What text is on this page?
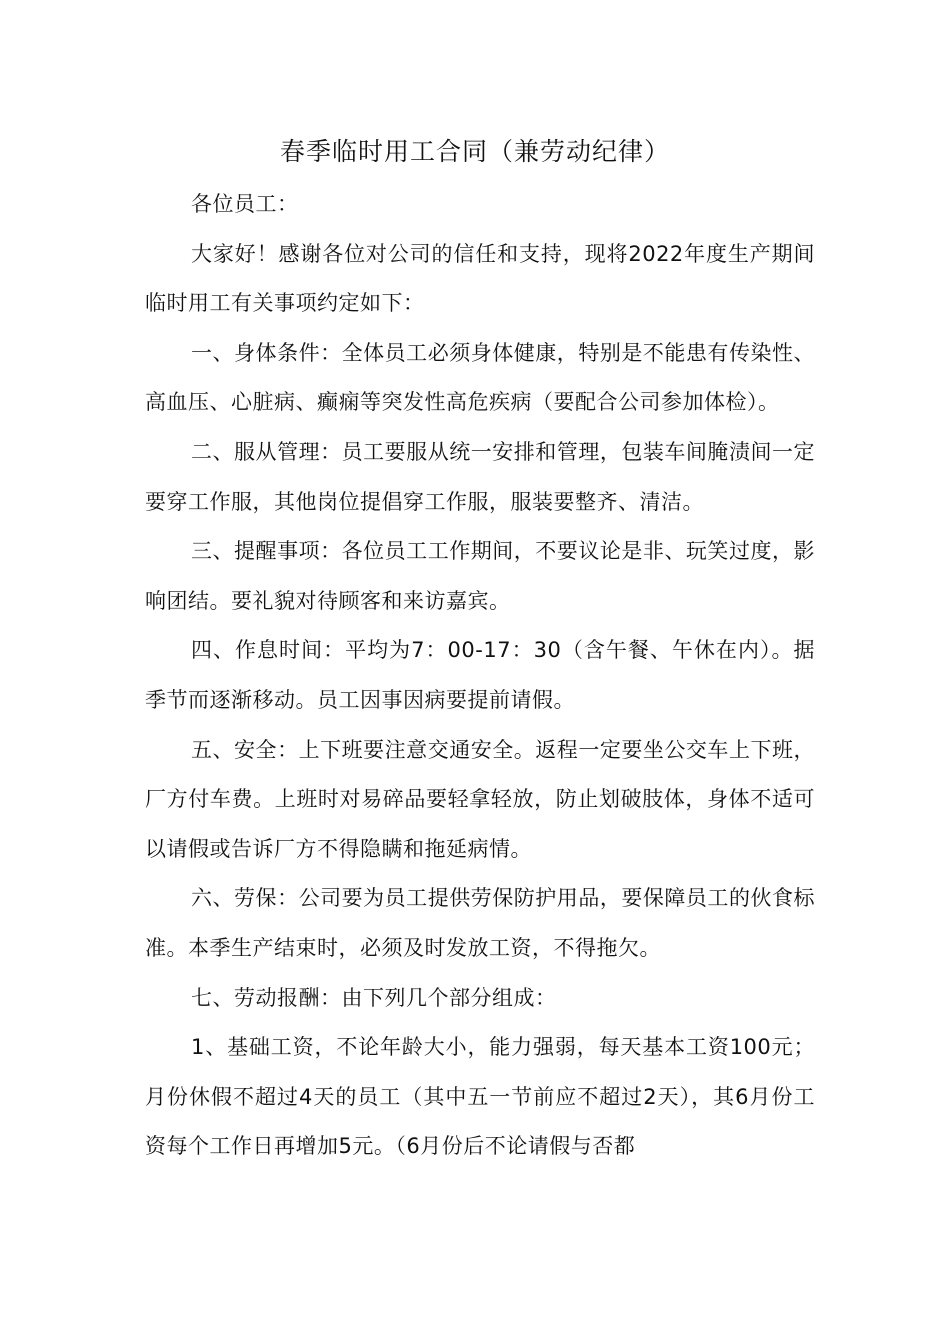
春季临时用工合同（兼劳动纪律）

各位员工：

大家好！感谢各位对公司的信任和支持，现将2022年度生产期间临时用工有关事项约定如下：

一、身体条件：全体员工必须身体健康，特别是不能患有传染性、高血压、心脏病、癫痫等突发性高危疾病（要配合公司参加体检）。

二、服从管理：员工要服从统一安排和管理，包装车间腌渍间一定要穿工作服，其他岗位提倡穿工作服，服装要整齐、清洁。

三、提醒事项：各位员工工作期间，不要议论是非、玩笑过度，影响团结。要礼貌对待顾客和来访嘉宾。

四、作息时间：平均为7：00-17：30（含午餐、午休在内）。据季节而逐渐移动。员工因事因病要提前请假。

五、安全：上下班要注意交通安全。返程一定要坐公交车上下班，厂方付车费。上班时对易碎品要轻拿轻放，防止划破肢体，身体不适可以请假或告诉厂方不得隐瞒和拖延病情。

六、劳保：公司要为员工提供劳保防护用品，要保障员工的伙食标准。本季生产结束时，必须及时发放工资，不得拖欠。

七、劳动报酬：由下列几个部分组成：

1、基础工资，不论年龄大小，能力强弱，每天基本工资100元；月份休假不超过4天的员工（其中五一节前应不超过2天），其6月份工资每个工作日再增加5元。（6月份后不论请假与否都
